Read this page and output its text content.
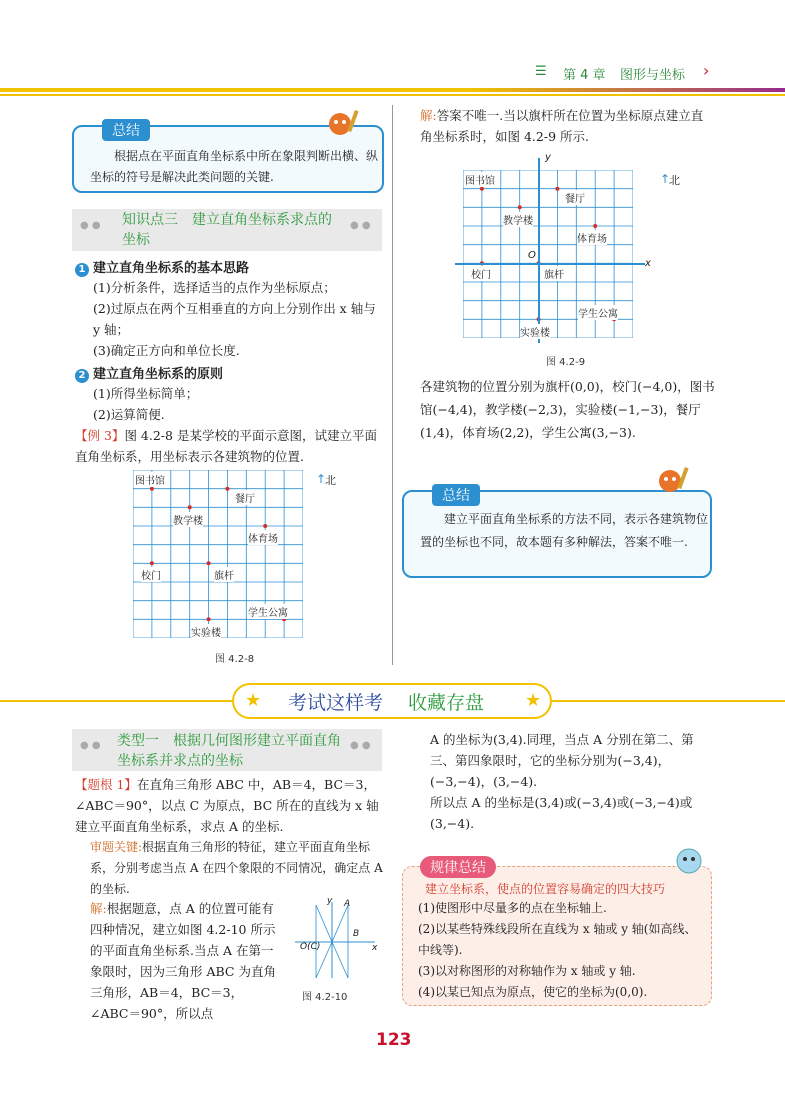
☰ 第 4 章 图形与坐标 ›
总结
根据点在平面直角坐标系中所在象限判断出横、纵坐标的符号是解决此类问题的关键.
● ●	● ●
知识点三　建立直角坐标系求点的坐标
1 建立直角坐标系的基本思路
(1)分析条件，选择适当的点作为坐标原点；
(2)过原点在两个互相垂直的方向上分别作出 x 轴与 y 轴；
(3)确定正方向和单位长度.
2 建立直角坐标系的原则
(1)所得坐标简单；
(2)运算简便.
【例 3】图 4.2-8 是某学校的平面示意图，试建立平面直角坐标系，用坐标表示各建筑物的位置.
图书馆
教学楼
餐厅
体育场
校门	旗杆
学生公寓
实验楼
↑
北
图 4.2-8
解:答案不唯一.当以旗杆所在位置为坐标原点建立直角坐标系时，如图 4.2-9 所示.
x
y
O
图书馆
教学楼
餐厅
体育场
校门	旗杆
学生公寓
实验楼
↑
北
图 4.2-9
各建筑物的位置分别为旗杆(0,0)，校门(−4,0)，图书馆(−4,4)，教学楼(−2,3)，实验楼(−1,−3)，餐厅(1,4)，体育场(2,2)，学生公寓(3,−3).
总结
建立平面直角坐标系的方法不同，表示各建筑物位置的坐标也不同，故本题有多种解法，答案不唯一.
★	★
考试这样考 收藏存盘
● ●	● ●
类型一　根据几何图形建立平面直角坐标系并求点的坐标
【题根 1】在直角三角形 ABC 中，AB＝4，BC＝3，∠ABC＝90°，以点 C 为原点，BC 所在的直线为 x 轴建立平面直角坐标系，求点 A 的坐标.
审题关键:根据直角三角形的特征，建立平面直角坐标系，分别考虑当点 A 在四个象限的不同情况，确定点 A 的坐标.
解:根据题意，点 A 的位置可能有四种情况，建立如图 4.2-10 所示的平面直角坐标系.当点 A 在第一象限时，因为三角形 ABC 为直角三角形，AB＝4，BC＝3，∠ABC＝90°，所以点
y A
B
O(C)	x
图 4.2-10
A 的坐标为(3,4).同理，当点 A 分别在第二、第三、第四象限时，它的坐标分别为(−3,4)，(−3,−4)，(3,−4).
所以点 A 的坐标是(3,4)或(−3,4)或(−3,−4)或(3,−4).
规律总结
建立坐标系，使点的位置容易确定的四大技巧
(1)使图形中尽量多的点在坐标轴上.
(2)以某些特殊线段所在直线为 x 轴或 y 轴(如高线、中线等).
(3)以对称图形的对称轴作为 x 轴或 y 轴.
(4)以某已知点为原点，使它的坐标为(0,0).
123
